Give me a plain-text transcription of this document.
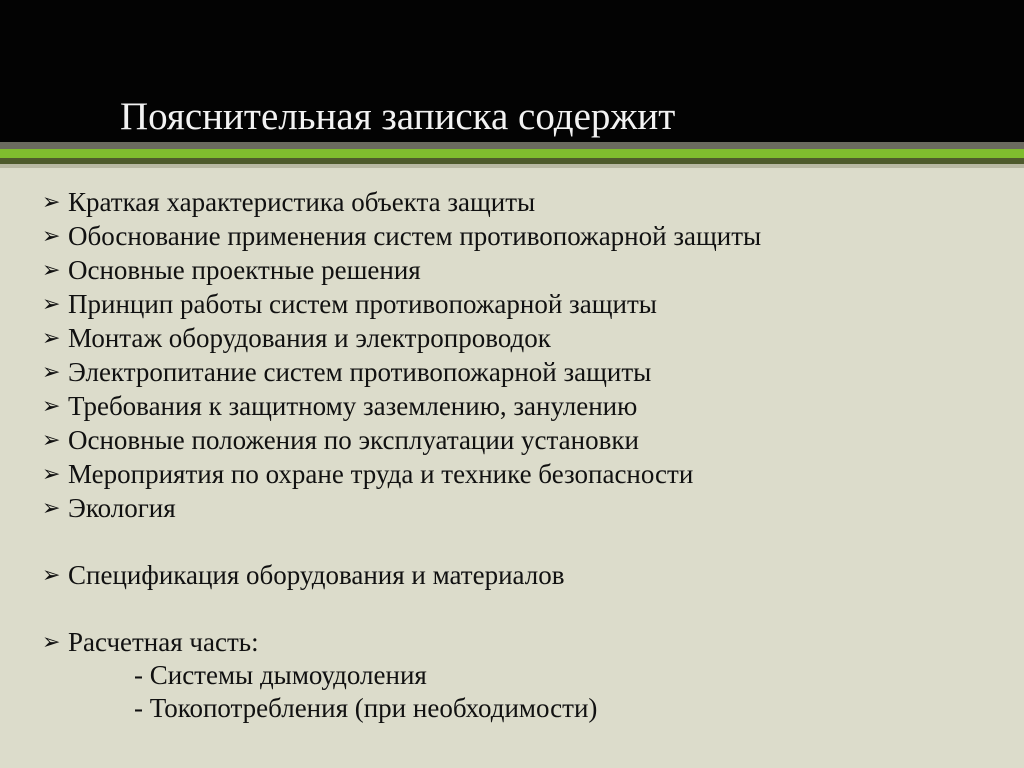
Пояснительная записка содержит
➢ Краткая характеристика объекта защиты
➢ Обоснование применения систем противопожарной защиты
➢ Основные проектные решения
➢ Принцип работы систем противопожарной защиты
➢ Монтаж оборудования и электропроводок
➢ Электропитание систем противопожарной защиты
➢ Требования к защитному заземлению, занулению
➢ Основные положения по эксплуатации установки
➢ Мероприятия по охране труда и технике безопасности
➢ Экология
➢ Спецификация оборудования и материалов
➢ Расчетная часть:
- Системы дымоудоления
- Токопотребления (при необходимости)
